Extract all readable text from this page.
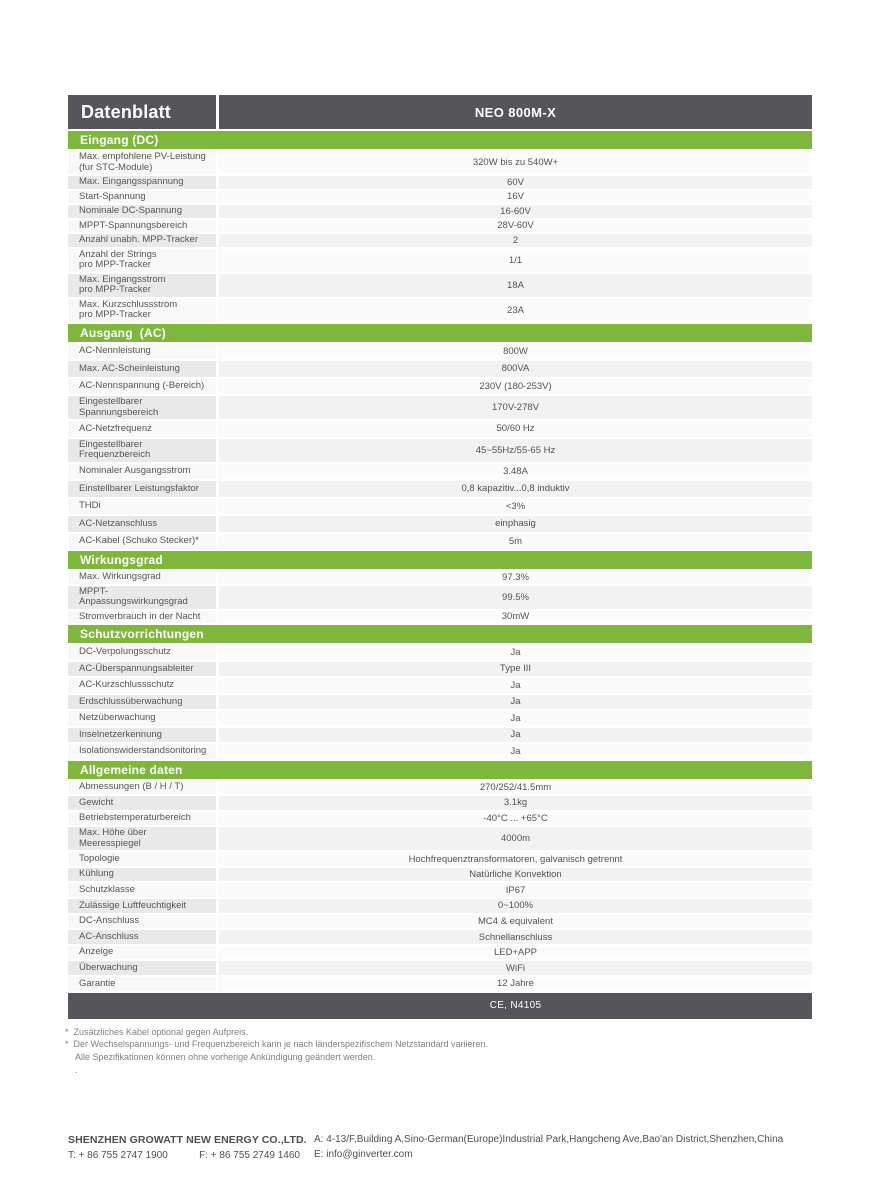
Datenblatt	NEO 800M-X
Eingang (DC)
Max. empfohlene PV-Leistung
(fur STC-Module)	320W bis zu 540W+
Max. Eingangsspannung	60V
Start-Spannung	16V
Nominale DC-Spannung	16-60V
MPPT-Spannungsbereich	28V-60V
Anzahl unabh. MPP-Tracker	2
Anzahl der Strings
pro MPP-Tracker	1/1
Max. Eingangsstrom
pro MPP-Tracker	18A
Max. Kurzschlussstrom
pro MPP-Tracker	23A
Ausgang  (AC)
AC-Nennleistung	800W
Max. AC-Scheinleistung	800VA
AC-Nennspannung (-Bereich)	230V (180-253V)
Eingestellbarer Spannungsbereich	170V-278V
AC-Netzfrequenz	50/60 Hz
Eingestellbarer Frequenzbereich	45~55Hz/55-65 Hz
Nominaler Ausgangsstrom	3.48A
Einstellbarer Leistungsfaktor	0,8 kapazitiv...0,8 induktiv
THDi	<3%
AC-Netzanschluss	einphasig
AC-Kabel (Schuko Stecker)*	5m
Wirkungsgrad
Max. Wirkungsgrad	97.3%
MPPT-Anpassungswirkungsgrad	99.5%
Stromverbrauch in der Nacht	30mW
Schutzvorrichtungen
DC-Verpolungsschutz	Ja
AC-Überspannungsableiter	Type III
AC-Kurzschlussschutz	Ja
Erdschlussüberwachung	Ja
Netzüberwachung	Ja
Inselnetzerkennung	Ja
Isolationswiderstandsonitoring	Ja
Allgemeine daten
Abmessungen (B / H / T)	270/252/41.5mm
Gewicht	3.1kg
Betriebstemperaturbereich	-40°C ... +65°C
Max. Höhe über Meeresspiegel	4000m
Topologie	Hochfrequenztransformatoren, galvanisch getrennt
Kühlung	Natürliche Konvektion
Schutzklasse	IP67
Zulässige Luftfeuchtigkeit	0~100%
DC-Anschluss	MC4 & equivalent
AC-Anschluss	Schnellanschluss
Anzeige	LED+APP
Überwachung	WiFi
Garantie	12 Jahre
CE, N4105
*  Zusätzliches Kabel optional gegen Aufpreis.
*  Der Wechselspannungs- und Frequenzbereich kann je nach länderspezifischem Netzstandard variieren.
Alle Spezifikationen können ohne vorherige Ankündigung geändert werden.
.
SHENZHEN GROWATT NEW ENERGY CO.,LTD.
T: + 86 755 2747 1900	F: + 86 755 2749 1460
A: 4-13/F,Building A,Sino-German(Europe)Industrial Park,Hangcheng Ave,Bao'an District,Shenzhen,China
E: info@ginverter.com
